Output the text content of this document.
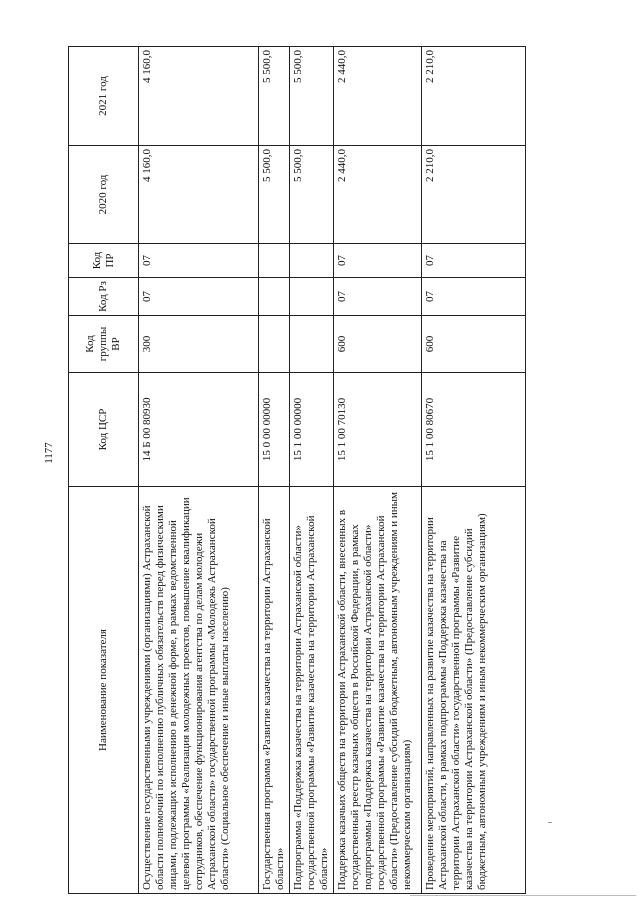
1177
Наименование показателя	Код ЦСР	Код группы ВР	Код Рз	Код ПР	2020 год	2021 год
Осуществление государственными учреждениями (организациями) Астраханской области полномочий по исполнению публичных обязательств перед физическими лицами, подлежащих исполнению в денежной форме, в рамках ведомственной целевой программы «Реализация молодежных проектов, повышение квалификации сотрудников, обеспечение функционирования агентства по делам молодежи Астраханской области» государственной программы «Молодежь Астраханской области» (Социальное обеспечение и иные выплаты населению)	14 Б 00 80930	300	07	07	4 160,0	4 160,0
Государственная программа «Развитие казачества на территории Астраханской области»	15 0 00 00000				5 500,0	5 500,0
Подпрограмма «Поддержка казачества на территории Астраханской области» государственной программы «Развитие казачества на территории Астраханской области»	15 1 00 00000				5 500,0	5 500,0
Поддержка казачьих обществ на территории Астраханской области, внесенных в государственный реестр казачьих обществ в Российской Федерации, в рамках подпрограммы «Поддержка казачества на территории Астраханской области» государственной программы «Развитие казачества на территории Астраханской области» (Предоставление субсидий бюджетным, автономным учреждениям и иным некоммерческим организациям)	15 1 00 70130	600	07	07	2 440,0	2 440,0
Проведение мероприятий, направленных на развитие казачества на территории Астраханской области, в рамках подпрограммы «Поддержка казачества на территории Астраханской области» государственной программы «Развитие казачества на территории Астраханской области» (Предоставление субсидий бюджетным, автономным учреждениям и иным некоммерческим организациям)	15 1 00 80670	600	07	07	2 210,0	2 210,0
